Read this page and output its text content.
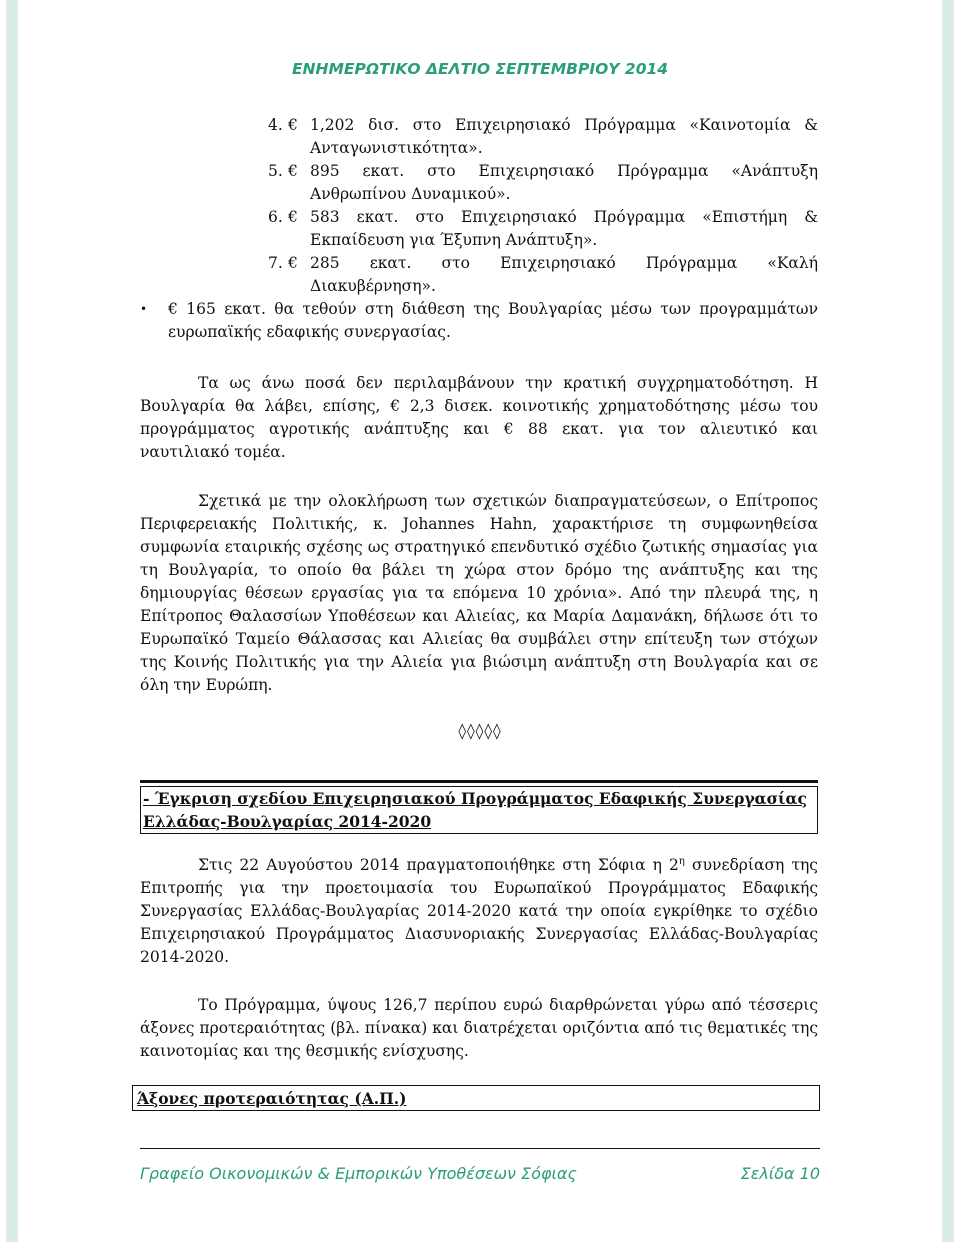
ΕΝΗΜΕΡΩΤΙΚΟ ΔΕΛΤΙΟ ΣΕΠΤΕΜΒΡΙΟΥ 2014
4. € 1,202 δισ. στο Επιχειρησιακό Πρόγραμμα «Καινοτομία & Ανταγωνιστικότητα».
5. € 895 εκατ. στο Επιχειρησιακό Πρόγραμμα «Ανάπτυξη Ανθρωπίνου Δυναμικού».
6. € 583 εκατ. στο Επιχειρησιακό Πρόγραμμα «Επιστήμη & Εκπαίδευση για Έξυπνη Ανάπτυξη».
7. € 285 εκατ. στο Επιχειρησιακό Πρόγραμμα «Καλή Διακυβέρνηση».
•	€ 165 εκατ. θα τεθούν στη διάθεση της Βουλγαρίας μέσω των προγραμμάτων ευρωπαϊκής εδαφικής συνεργασίας.

Τα ως άνω ποσά δεν περιλαμβάνουν την κρατική συγχρηματοδότηση. Η Βουλγαρία θα λάβει, επίσης, € 2,3 δισεκ. κοινοτικής χρηματοδότησης μέσω του προγράμματος αγροτικής ανάπτυξης και € 88 εκατ. για τον αλιευτικό και ναυτιλιακό τομέα.

Σχετικά με την ολοκλήρωση των σχετικών διαπραγματεύσεων, ο Επίτροπος Περιφερειακής Πολιτικής, κ. Johannes Hahn, χαρακτήρισε τη συμφωνηθείσα συμφωνία εταιρικής σχέσης ως στρατηγικό επενδυτικό σχέδιο ζωτικής σημασίας για τη Βουλγαρία, το οποίο θα βάλει τη χώρα στον δρόμο της ανάπτυξης και της δημιουργίας θέσεων εργασίας για τα επόμενα 10 χρόνια». Από την πλευρά της, η Επίτροπος Θαλασσίων Υποθέσεων και Αλιείας, κα Μαρία Δαμανάκη, δήλωσε ότι το Ευρωπαϊκό Ταμείο Θάλασσας και Αλιείας θα συμβάλει στην επίτευξη των στόχων της Κοινής Πολιτικής για την Αλιεία για βιώσιμη ανάπτυξη στη Βουλγαρία και σε όλη την Ευρώπη.

◊◊◊◊◊
- Έγκριση σχεδίου Επιχειρησιακού Προγράμματος Εδαφικής Συνεργασίας Ελλάδας-Βουλγαρίας 2014-2020

Στις 22 Αυγούστου 2014 πραγματοποιήθηκε στη Σόφια η $2^\eta$ συνεδρίαση της Επιτροπής για την προετοιμασία του Ευρωπαϊκού Προγράμματος Εδαφικής Συνεργασίας Ελλάδας-Βουλγαρίας 2014-2020 κατά την οποία εγκρίθηκε το σχέδιο Επιχειρησιακού Προγράμματος Διασυνοριακής Συνεργασίας Ελλάδας-Βουλγαρίας 2014-2020.

Το Πρόγραμμα, ύψους 126,7 περίπου ευρώ διαρθρώνεται γύρω από τέσσερις άξονες προτεραιότητας (βλ. πίνακα) και διατρέχεται οριζόντια από τις θεματικές της καινοτομίας και της θεσμικής ενίσχυσης.

Άξονες προτεραιότητας (Α.Π.)
Γραφείο Οικονομικών & Εμπορικών Υποθέσεων Σόφιας	Σελίδα 10
